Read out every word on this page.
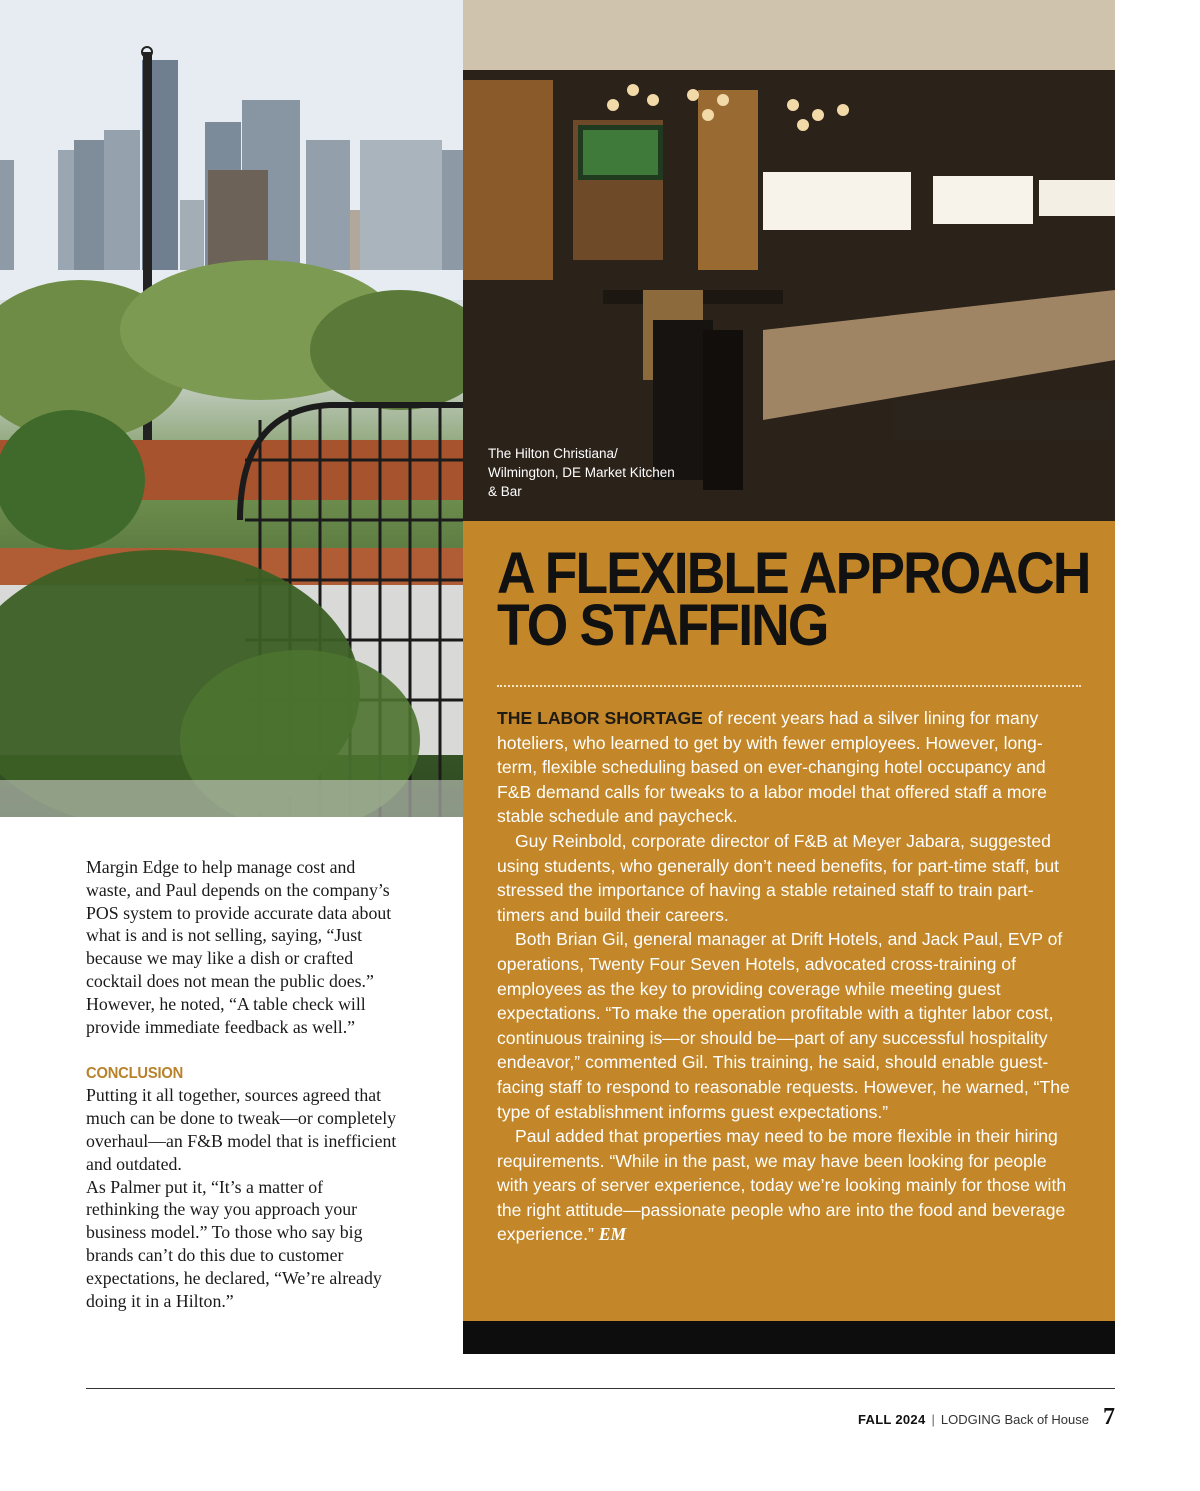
The Hilton Christiana/ Wilmington, DE Market Kitchen & Bar
A FLEXIBLE APPROACH
TO STAFFING

THE LABOR SHORTAGE of recent years had a silver lining for many hoteliers, who learned to get by with fewer employees. However, long-term, flexible scheduling based on ever-changing hotel occupancy and F&B demand calls for tweaks to a labor model that offered staff a more stable schedule and paycheck.

Guy Reinbold, corporate director of F&B at Meyer Jabara, suggested using students, who generally don’t need benefits, for part-time staff, but stressed the importance of having a stable retained staff to train part-timers and build their careers.

Both Brian Gil, general manager at Drift Hotels, and Jack Paul, EVP of operations, Twenty Four Seven Hotels, advocated cross-training of employees as the key to providing coverage while meeting guest expectations. “To make the operation profitable with a tighter labor cost, continuous training is—or should be—part of any successful hospitality endeavor,” commented Gil. This training, he said, should enable guest-facing staff to respond to reasonable requests. However, he warned, “The type of establishment informs guest expectations.”

Paul added that properties may need to be more flexible in their hiring requirements. “While in the past, we may have been looking for people with years of server experience, today we’re looking mainly for those with the right attitude—passionate people who are into the food and beverage experience.” EM

Margin Edge to help manage cost and waste, and Paul depends on the company’s POS system to provide accurate data about what is and is not selling, saying, “Just because we may like a dish or crafted cocktail does not mean the public does.” However, he noted, “A table check will provide immediate feedback as well.”

CONCLUSION

Putting it all together, sources agreed that much can be done to tweak—or completely overhaul—an F&B model that is inefficient and outdated.

As Palmer put it, “It’s a matter of rethinking the way you approach your business model.” To those who say big brands can’t do this due to customer expectations, he declared, “We’re already doing it in a Hilton.”

FALL 2024 | LODGING Back of House 7
